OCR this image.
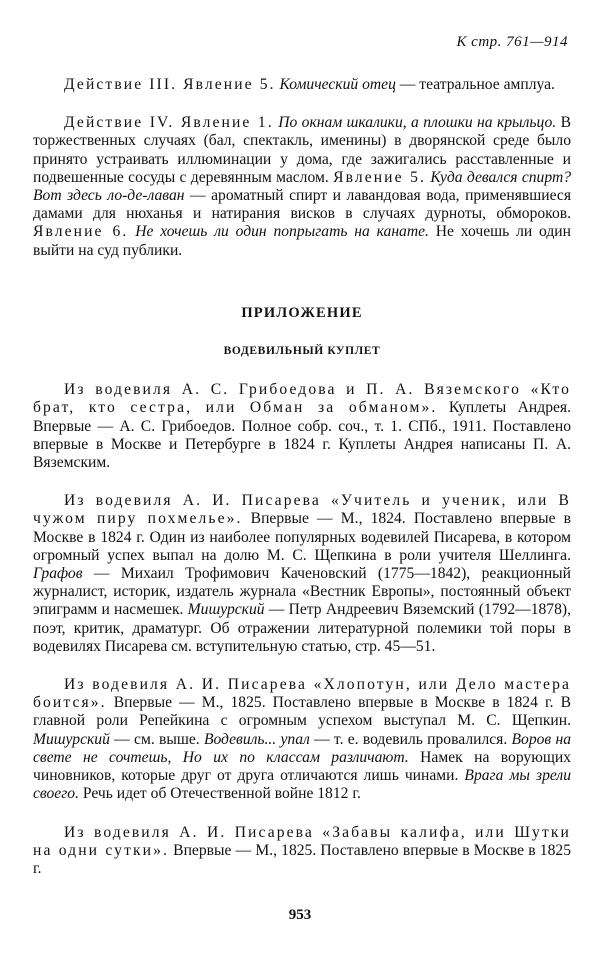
К стр. 761—914

Действие III. Явление 5. Комический отец — театральное амплуа.

Действие IV. Явление 1. По окнам шкалики, а плошки на крыльцо. В торжественных случаях (бал, спектакль, именины) в дворянской среде было принято устраивать иллюминации у дома, где зажигались расставленные и подвешенные сосуды с деревянным маслом. Явление 5. Куда девался спирт? Вот здесь ло-де-лаван — ароматный спирт и лавандовая вода, применявшиеся дамами для нюханья и натирания висков в случаях дурноты, обмороков. Явление 6. Не хочешь ли один попрыгать на канате. Не хочешь ли один выйти на суд публики.

ПРИЛОЖЕНИЕ
ВОДЕВИЛЬНЫЙ КУПЛЕТ

Из водевиля А. С. Грибоедова и П. А. Вяземского «Кто брат, кто сестра, или Обман за обманом». Куплеты Андрея. Впервые — А. С. Грибоедов. Полное собр. соч., т. 1. СПб., 1911. Поставлено впервые в Москве и Петербурге в 1824 г. Куплеты Андрея написаны П. А. Вяземским.

Из водевиля А. И. Писарева «Учитель и ученик, или В чужом пиру похмелье». Впервые — М., 1824. Поставлено впервые в Москве в 1824 г. Один из наиболее популярных водевилей Писарева, в котором огромный успех выпал на долю М. С. Щепкина в роли учителя Шеллинга. Графов — Михаил Трофимович Каченовский (1775—1842), реакционный журналист, историк, издатель журнала «Вестник Европы», постоянный объект эпиграмм и насмешек. Мишурский — Петр Андреевич Вяземский (1792—1878), поэт, критик, драматург. Об отражении литературной полемики той поры в водевилях Писарева см. вступительную статью, стр. 45—51.

Из водевиля А. И. Писарева «Хлопотун, или Дело мастера боится». Впервые — М., 1825. Поставлено впервые в Москве в 1824 г. В главной роли Репейкина с огромным успехом выступал М. С. Щепкин. Мишурский — см. выше. Водевиль... упал — т. е. водевиль провалился. Воров на свете не сочтешь, Но их по классам различают. Намек на ворующих чиновников, которые друг от друга отличаются лишь чинами. Врага мы зрели своего. Речь идет об Отечественной войне 1812 г.

Из водевиля А. И. Писарева «Забавы калифа, или Шутки на одни сутки». Впервые — М., 1825. Поставлено впервые в Москве в 1825 г.

953
